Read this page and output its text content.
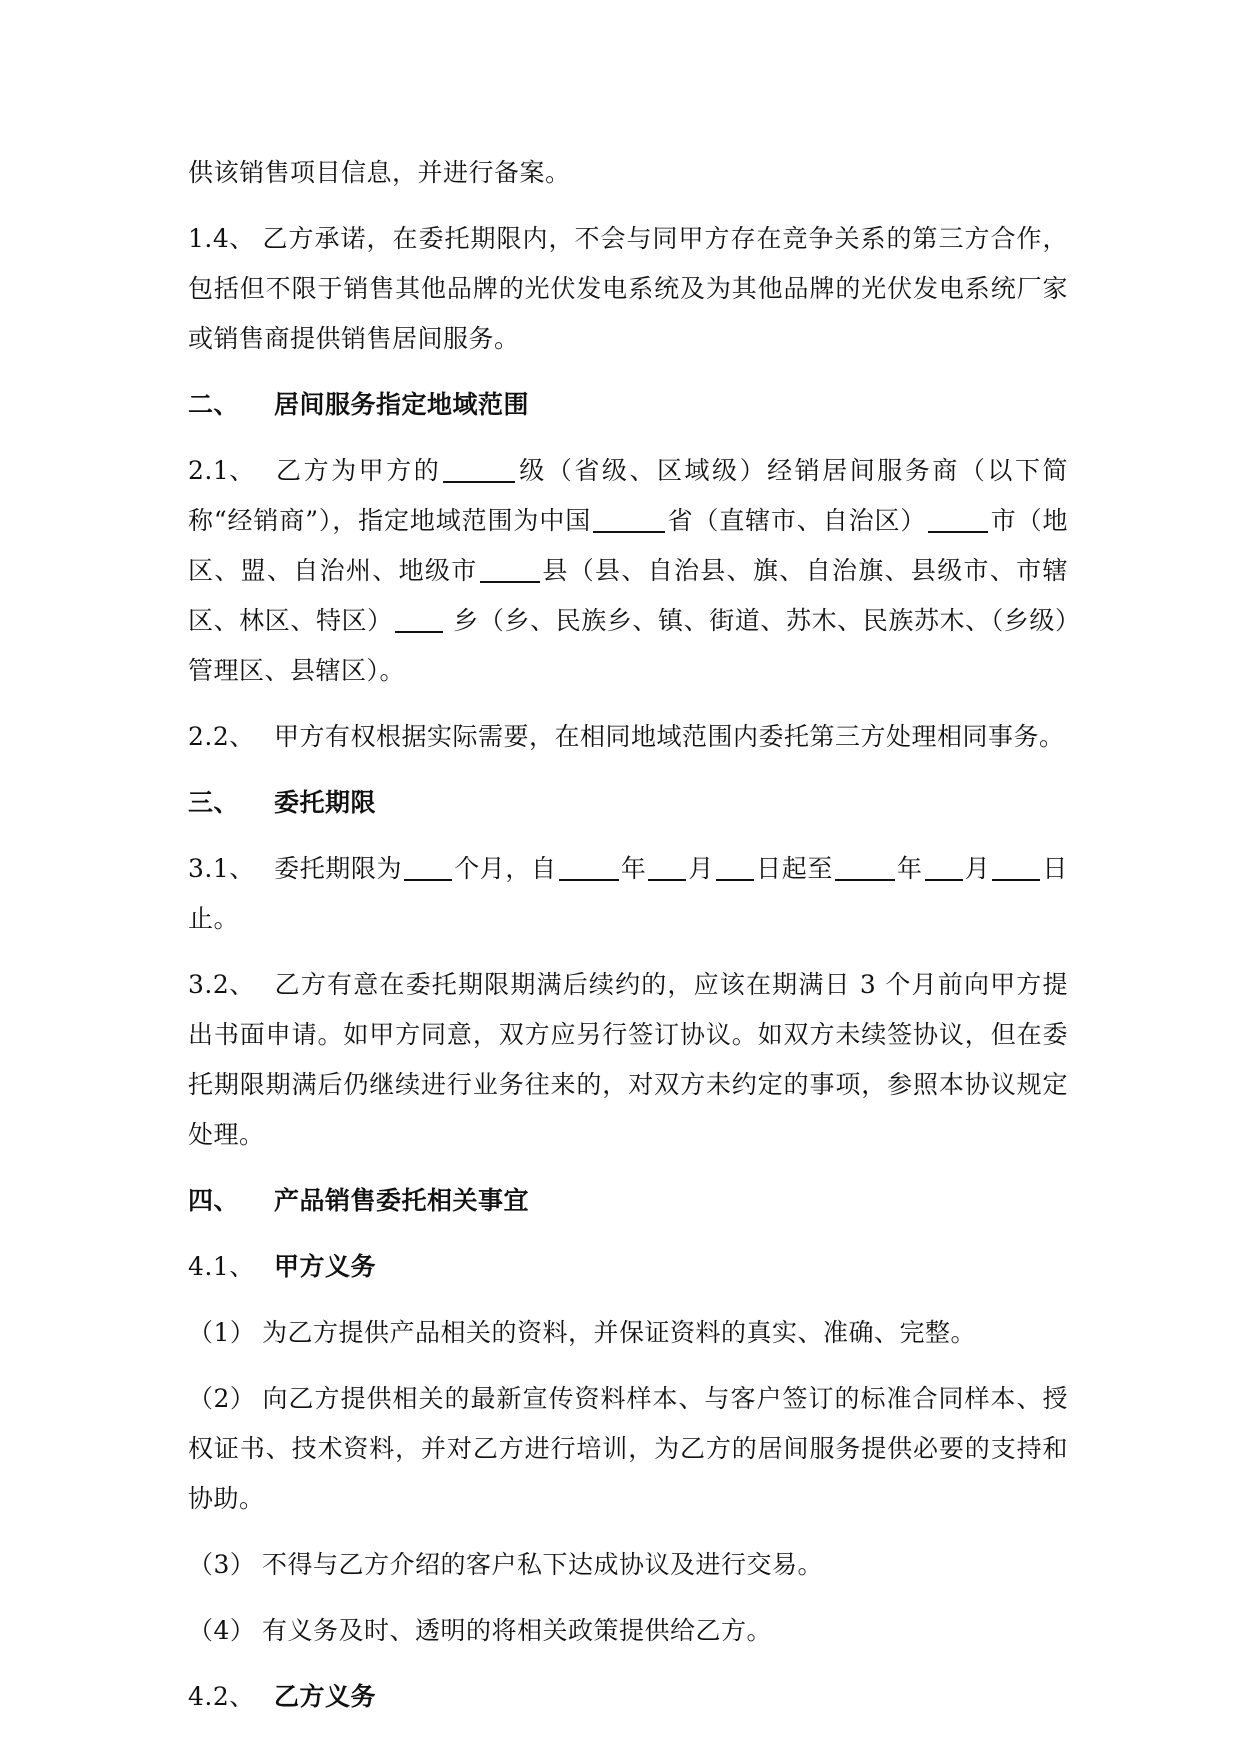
供该销售项目信息，并进行备案。

1.4、 乙方承诺，在委托期限内，不会与同甲方存在竞争关系的第三方合作，包括但不限于销售其他品牌的光伏发电系统及为其他品牌的光伏发电系统厂家或销售商提供销售居间服务。

二、 居间服务指定地域范围

2.1、 乙方为甲方的	级（省级、区域级）经销居间服务商（以下简称“经销商”），指定地域范围为中国	省（直辖市、自治区）	市（地区、盟、自治州、地级市	县（县、自治县、旗、自治旗、县级市、市辖区、林区、特区） 乡（乡、民族乡、镇、街道、苏木、民族苏木、（乡级）管理区、县辖区）。

2.2、 甲方有权根据实际需要，在相同地域范围内委托第三方处理相同事务。

三、 委托期限

3.1、 委托期限为 个月，自	年 月 日起至	年 月 日止。

3.2、 乙方有意在委托期限期满后续约的，应该在期满日 3 个月前向甲方提出书面申请。如甲方同意，双方应另行签订协议。如双方未续签协议，但在委托期限期满后仍继续进行业务往来的，对双方未约定的事项，参照本协议规定处理。

四、 产品销售委托相关事宜

4.1、 甲方义务

（1） 为乙方提供产品相关的资料，并保证资料的真实、准确、完整。

（2） 向乙方提供相关的最新宣传资料样本、与客户签订的标准合同样本、授权证书、技术资料，并对乙方进行培训，为乙方的居间服务提供必要的支持和协助。

（3） 不得与乙方介绍的客户私下达成协议及进行交易。

（4） 有义务及时、透明的将相关政策提供给乙方。

4.2、 乙方义务
